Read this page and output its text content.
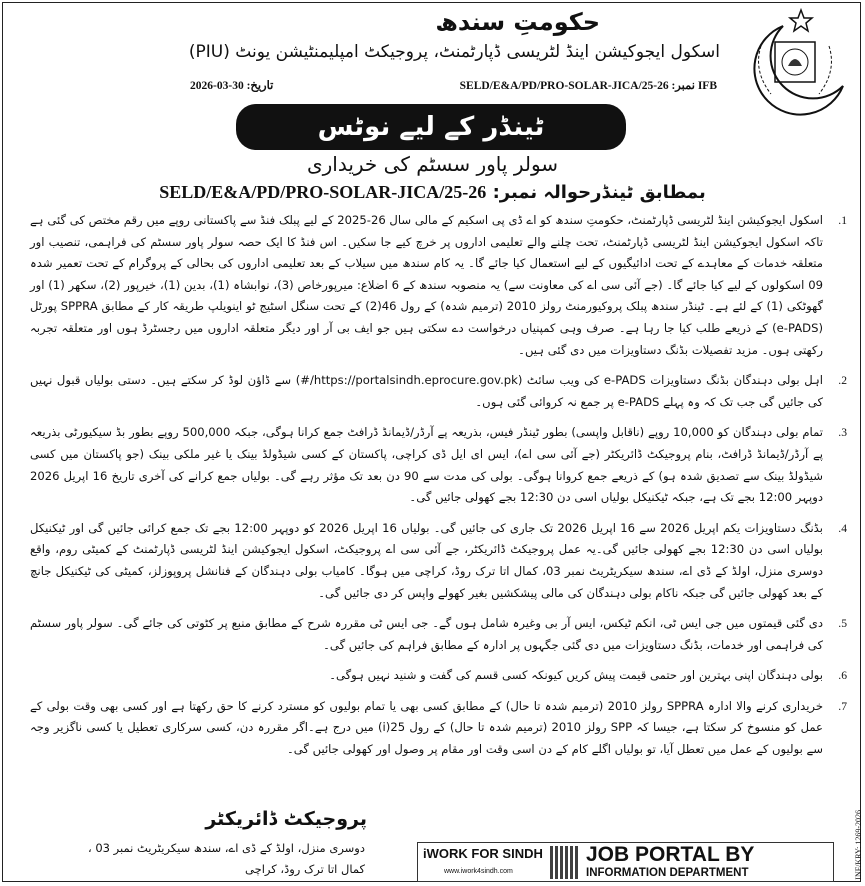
حکومتِ سندھ
اسکول ایجوکیشن اینڈ لٹریسی ڈپارٹمنٹ، پروجیکٹ امپلیمنٹیشن یونٹ (PIU)
IFB نمبر: SELD/E&A/PD/PRO-SOLAR-JICA/25-26
تاریخ: 30-03-2026
ٹینڈر کے لیے نوٹس
سولر پاور سسٹم کی خریداری
بمطابق ٹینڈرحوالہ نمبر: SELD/E&A/PD/PRO-SOLAR-JICA/25-26
1.
اسکول ایجوکیشن اینڈ لٹریسی ڈپارٹمنٹ، حکومتِ سندھ کو اے ڈی پی اسکیم کے مالی سال 26-2025 کے لیے پبلک فنڈ سے پاکستانی روپے میں رقم مختص کی گئی ہے تاکہ اسکول ایجوکیشن اینڈ لٹریسی ڈپارٹمنٹ، تحت چلنے والے تعلیمی اداروں پر خرچ کیے جا سکیں۔ اس فنڈ کا ایک حصہ سولر پاور سسٹم کی فراہمی، تنصیب اور متعلقہ خدمات کے معاہدے کے تحت ادائیگیوں کے لیے استعمال کیا جائے گا۔ یہ کام سندھ میں سیلاب کے بعد تعلیمی اداروں کی بحالی کے پروگرام کے تحت تعمیر شدہ 09 اسکولوں کے لیے کیا جائے گا۔ (جے آئی سی اے کی معاونت سے) یہ منصوبہ سندھ کے 6 اضلاع: میرپورخاص (3)، نوابشاہ (1)، بدین (1)، خیرپور (2)، سکھر (1) اور گھوٹکی (1) کے لئے ہے۔ ٹینڈر سندھ پبلک پروکیورمنٹ رولز 2010 (ترمیم شدہ) کے رول 46(2) کے تحت سنگل اسٹیج ٹو اینویلپ طریقہ کار کے مطابق SPPRA پورٹل (e-PADS) کے ذریعے طلب کیا جا رہا ہے۔ صرف وہی کمپنیاں درخواست دے سکتی ہیں جو ایف بی آر اور دیگر متعلقہ اداروں میں رجسٹرڈ ہوں اور متعلقہ تجربہ رکھتی ہوں۔ مزید تفصیلات بڈنگ دستاویزات میں دی گئی ہیں۔
2.
اہل بولی دہندگان بڈنگ دستاویزات e-PADS کی ویب سائٹ (https://portalsindh.eprocure.gov.pk/#) سے ڈاؤن لوڈ کر سکتے ہیں۔ دستی بولیاں قبول نہیں کی جائیں گی جب تک کہ وہ پہلے e-PADS پر جمع نہ کروائی گئی ہوں۔
3.
تمام بولی دہندگان کو 10,000 روپے (ناقابل واپسی) بطور ٹینڈر فیس، بذریعہ پے آرڈر/ڈیمانڈ ڈرافٹ جمع کرانا ہوگی، جبکہ 500,000 روپے بطور بڈ سیکیورٹی بذریعہ پے آرڈر/ڈیمانڈ ڈرافٹ، بنام پروجیکٹ ڈائریکٹر (جے آئی سی اے)، ایس ای ایل ڈی کراچی، پاکستان کے کسی شیڈولڈ بینک یا غیر ملکی بینک (جو پاکستان میں کسی شیڈولڈ بینک سے تصدیق شدہ ہو) کے ذریعے جمع کروانا ہوگی۔ بولی کی مدت سے 90 دن بعد تک مؤثر رہے گی۔ بولیاں جمع کرانے کی آخری تاریخ 16 اپریل 2026 دوپہر 12:00 بجے تک ہے، جبکہ ٹیکنیکل بولیاں اسی دن 12:30 بجے کھولی جائیں گی۔
4.
بڈنگ دستاویزات یکم اپریل 2026 سے 16 اپریل 2026 تک جاری کی جائیں گی۔ بولیاں 16 اپریل 2026 کو دوپہر 12:00 بجے تک جمع کرائی جائیں گی اور ٹیکنیکل بولیاں اسی دن 12:30 بجے کھولی جائیں گی۔یہ عمل پروجیکٹ ڈائریکٹر، جے آئی سی اے پروجیکٹ، اسکول ایجوکیشن اینڈ لٹریسی ڈپارٹمنٹ کے کمیٹی روم، واقع دوسری منزل، اولڈ کے ڈی اے، سندھ سیکریٹریٹ نمبر 03، کمال اتا ترک روڈ، کراچی میں ہوگا۔ کامیاب بولی دہندگان کے فنانشل پروپوزلز، کمیٹی کی ٹیکنیکل جانچ کے بعد کھولی جائیں گی جبکہ ناکام بولی دہندگان کی مالی پیشکشیں بغیر کھولے واپس کر دی جائیں گی۔
5.
دی گئی قیمتوں میں جی ایس ٹی، انکم ٹیکس، ایس آر بی وغیرہ شامل ہوں گے۔ جی ایس ٹی مقررہ شرح کے مطابق منبع پر کٹوتی کی جائے گی۔ سولر پاور سسٹم کی فراہمی اور خدمات، بڈنگ دستاویزات میں دی گئی جگہوں پر ادارہ کے مطابق فراہم کی جائیں گی۔
6.
بولی دہندگان اپنی بہترین اور حتمی قیمت پیش کریں کیونکہ کسی قسم کی گفت و شنید نہیں ہوگی۔
7.
خریداری کرنے والا ادارہ SPPRA رولز 2010 (ترمیم شدہ تا حال) کے مطابق کسی بھی یا تمام بولیوں کو مسترد کرنے کا حق رکھتا ہے اور کسی بھی وقت بولی کے عمل کو منسوخ کر سکتا ہے، جیسا کہ SPP رولز 2010 (ترمیم شدہ تا حال) کے رول 25(i) میں درج ہے۔اگر مقررہ دن، کسی سرکاری تعطیل یا کسی ناگزیر وجہ سے بولیوں کے عمل میں تعطل آیا، تو بولیاں اگلے کام کے دن اسی وقت اور مقام پر وصول اور کھولی جائیں گی۔
پروجیکٹ ڈائریکٹر
دوسری منزل، اولڈ کے ڈی اے، سندھ سیکریٹریٹ نمبر 03 ،
کمال اتا ترک روڈ، کراچی
iWORK FOR SINDH
www.iwork4sindh.com
JOB PORTAL BY
INFORMATION DEPARTMENT	INF/KRY: 1269-2026
